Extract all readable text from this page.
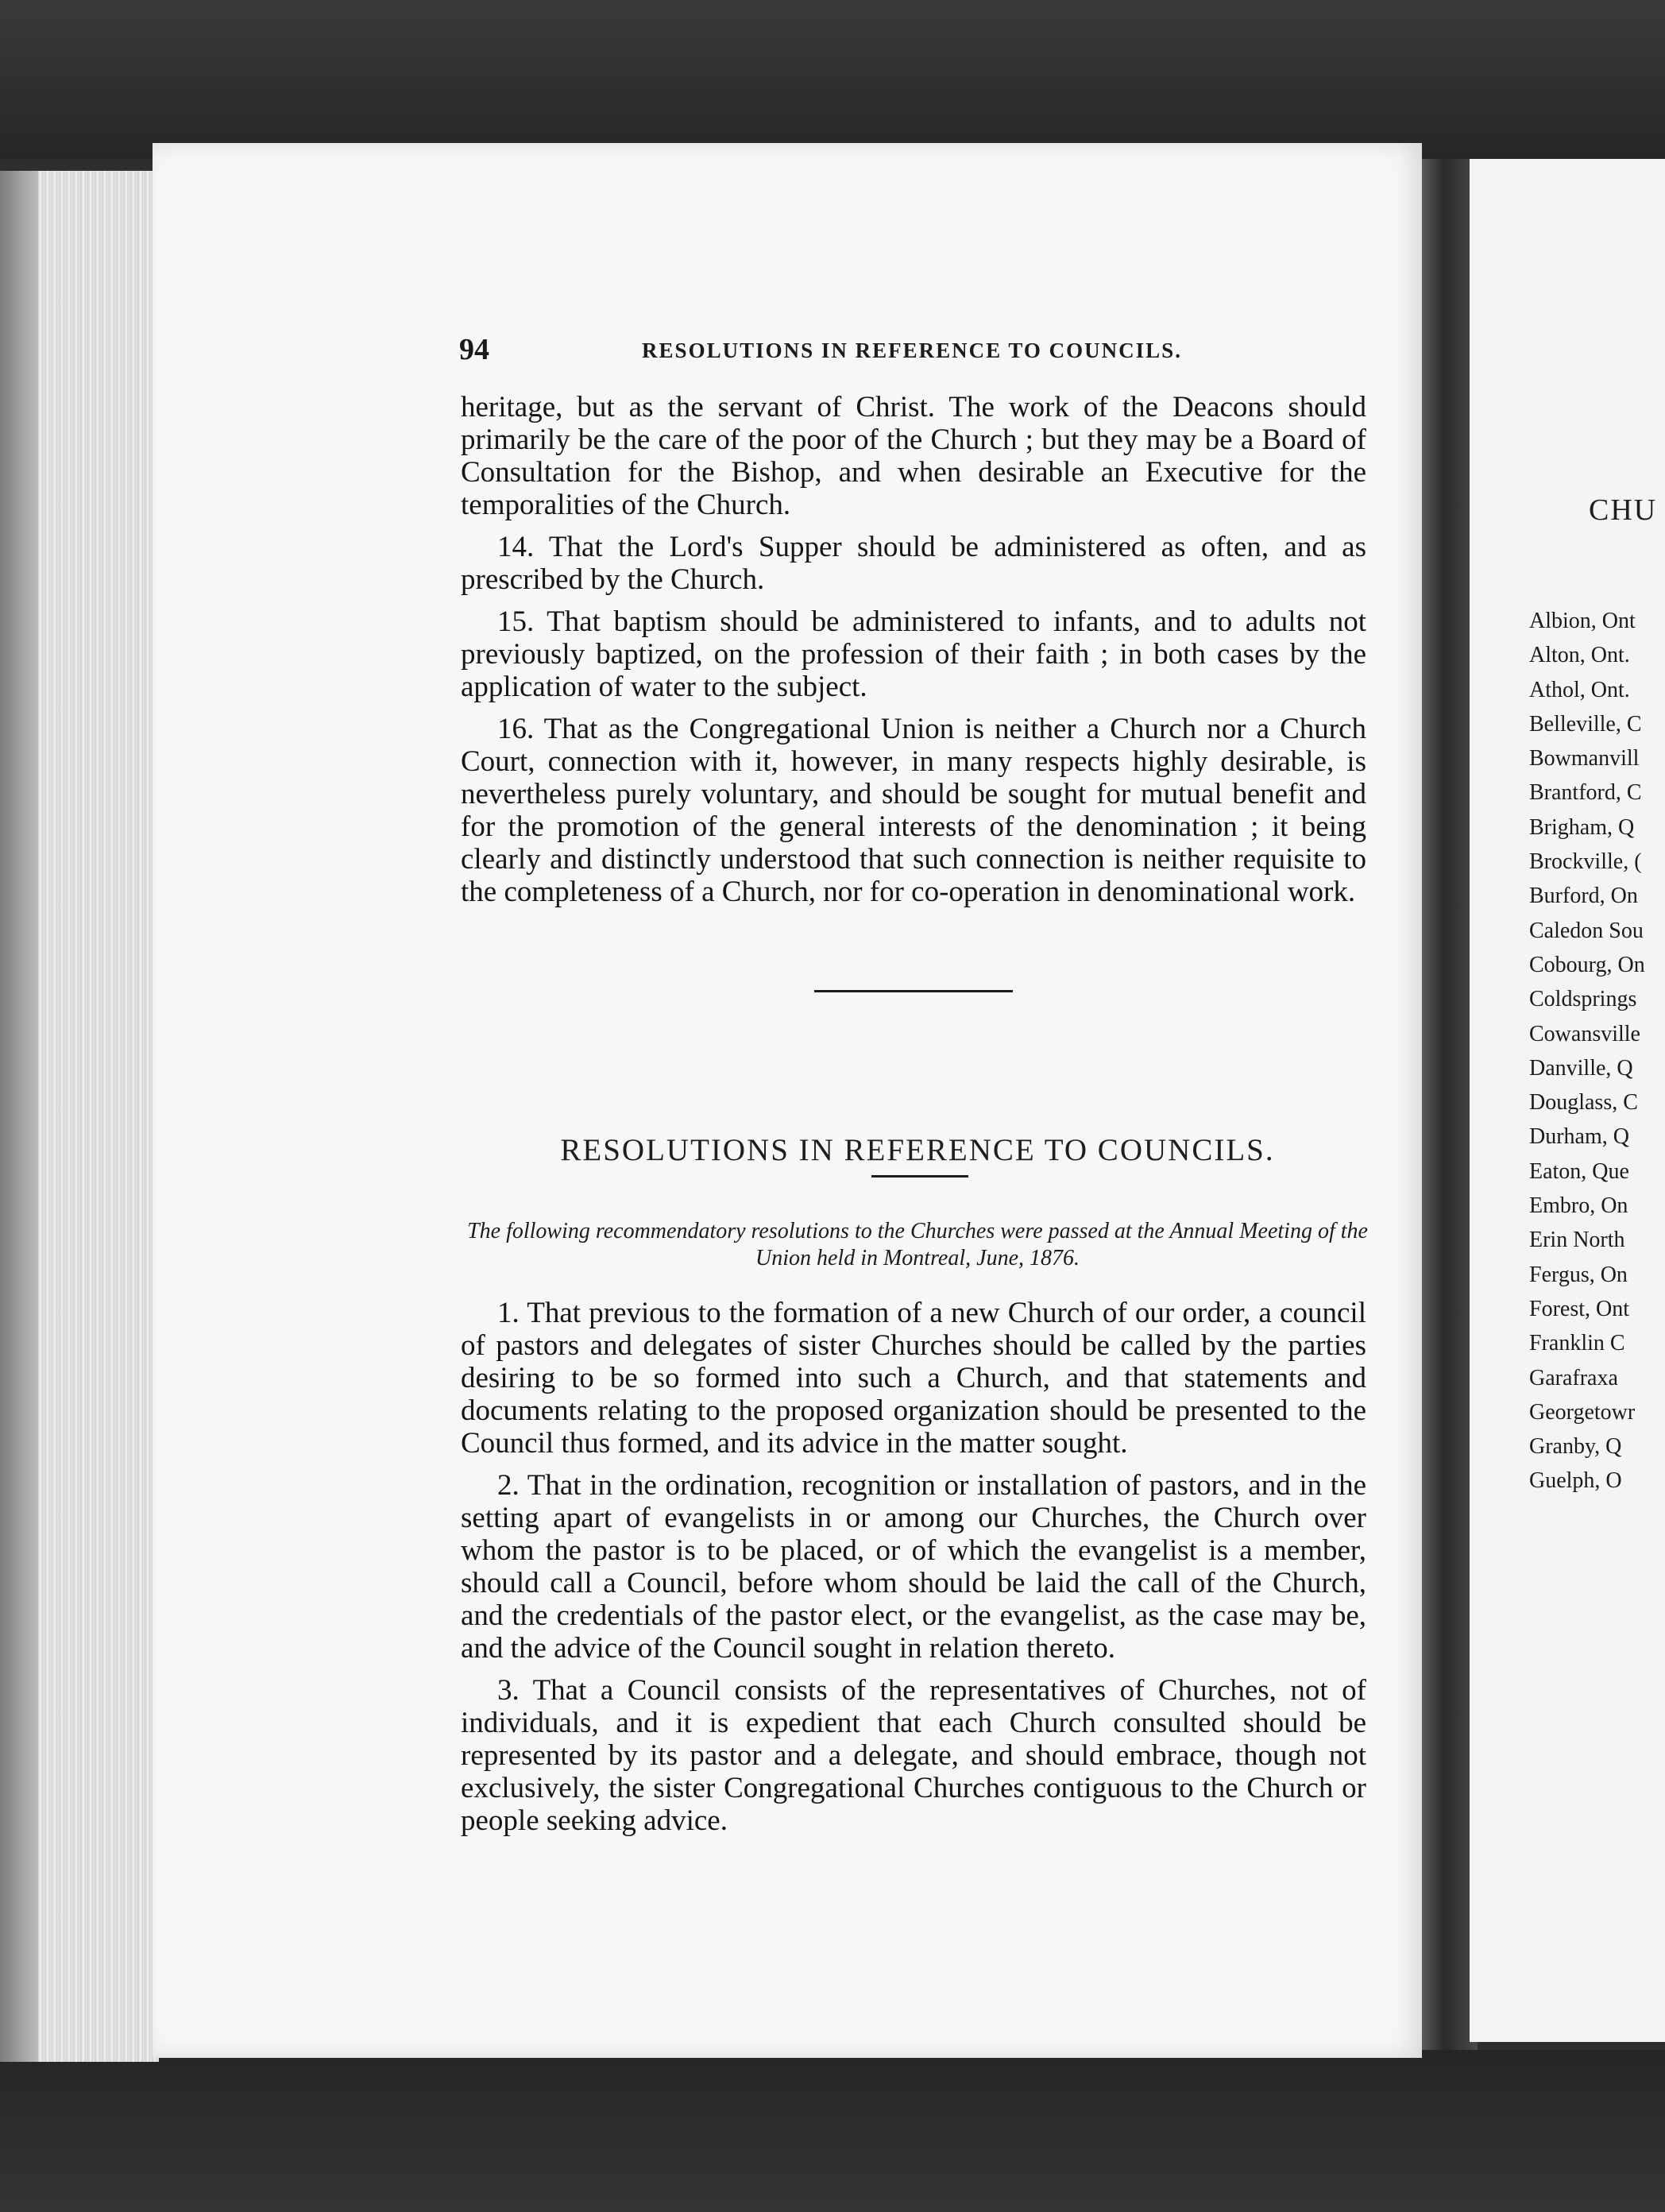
94	RESOLUTIONS IN REFERENCE TO COUNCILS.

heritage, but as the servant of Christ. The work of the Deacons should primarily be the care of the poor of the Church ; but they may be a Board of Consultation for the Bishop, and when desirable an Executive for the temporalities of the Church.

14. That the Lord's Supper should be administered as often, and as prescribed by the Church.

15. That baptism should be administered to infants, and to adults not previously baptized, on the profession of their faith ; in both cases by the application of water to the subject.

16. That as the Congregational Union is neither a Church nor a Church Court, connection with it, however, in many respects highly desirable, is nevertheless purely voluntary, and should be sought for mutual benefit and for the promotion of the general interests of the denomination ; it being clearly and distinctly understood that such connection is neither requisite to the completeness of a Church, nor for co-operation in denominational work.

RESOLUTIONS IN REFERENCE TO COUNCILS.
The following recommendatory resolutions to the Churches were passed at the Annual Meeting of the Union held in Montreal, June, 1876.

1. That previous to the formation of a new Church of our order, a council of pastors and delegates of sister Churches should be called by the parties desiring to be so formed into such a Church, and that statements and documents relating to the proposed organization should be presented to the Council thus formed, and its advice in the matter sought.

2. That in the ordination, recognition or installation of pastors, and in the setting apart of evangelists in or among our Churches, the Church over whom the pastor is to be placed, or of which the evangelist is a member, should call a Council, before whom should be laid the call of the Church, and the credentials of the pastor elect, or the evangelist, as the case may be, and the advice of the Council sought in relation thereto.

3. That a Council consists of the representatives of Churches, not of individuals, and it is expedient that each Church consulted should be represented by its pastor and a delegate, and should embrace, though not exclusively, the sister Congregational Churches contiguous to the Church or people seeking advice.

CHU
Albion, Ont
Alton, Ont.
Athol, Ont.
Belleville, C
Bowmanvill
Brantford, C
Brigham, Q
Brockville, (
Burford, On
Caledon Sou
Cobourg, On
Coldsprings
Cowansville
Danville, Q
Douglass, C
Durham, Q
Eaton, Que
Embro, On
Erin North
Fergus, On
Forest, Ont
Franklin C
Garafraxa
Georgetowr
Granby, Q
Guelph, O
